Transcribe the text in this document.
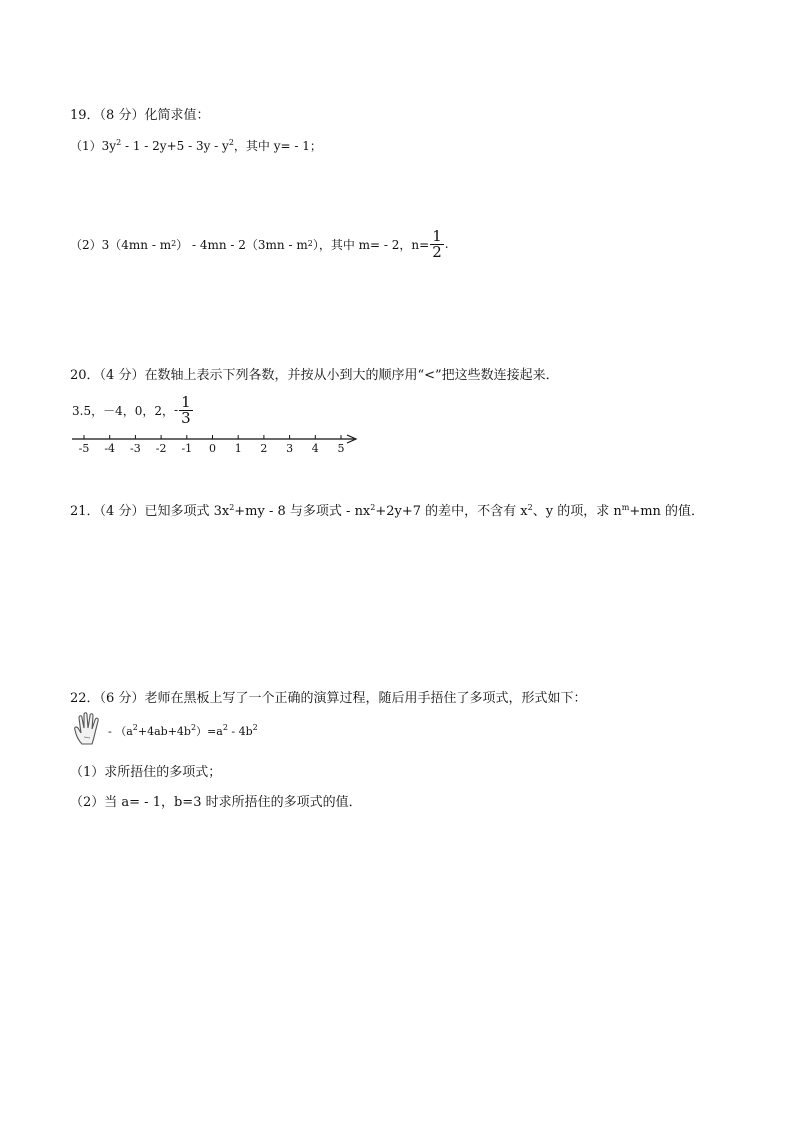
19．（8 分）化简求值：
$(1)3y^2 - 1 - 2y+5 - 3y - y^2$，其中 y= - 1；
（2）3（4mn - m 2 ） - 4mn - 2（3mn - m 2 ），其中 m= - 2，$n= \frac{1}{2}$ .
20．（4 分）在数轴上表示下列各数，并按从小到大的顺序用“<”把这些数连接起来．
3.5，－4，0，2， - $\frac{1}{3}$
-5 -4 -3 -2 -1 0 1 2 3 4 5
21．（4 分）已知多项式 $3x^2+my - 8$ 与多项式 - $nx^2+2y+7$ 的差中，不含有 $x^2$、y 的项，求 $n^m+mn$ 的值．
22．（6 分）老师在黑板上写了一个正确的演算过程，随后用手捂住了多项式，形式如下：
- $(a^2+4ab+4b^2)=a^2 - 4b^2$
（1）求所捂住的多项式；
（2）当 a= - 1，b=3 时求所捂住的多项式的值．
